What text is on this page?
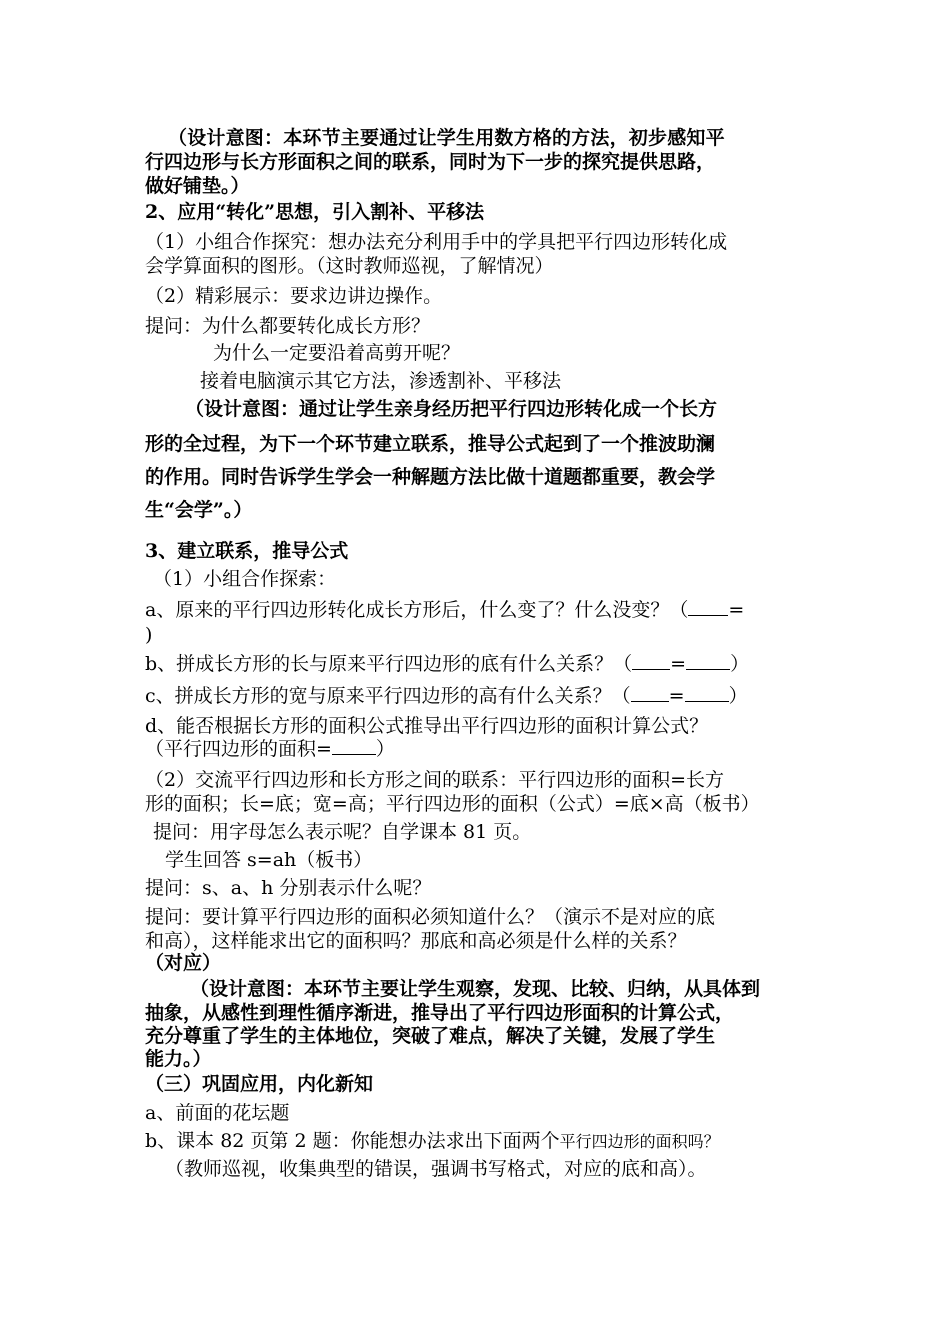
（设计意图：本环节主要通过让学生用数方格的方法，初步感知平
行四边形与长方形面积之间的联系，同时为下一步的探究提供思路，
做好铺垫。）
2、应用“转化”思想，引入割补、平移法
（1）小组合作探究：想办法充分利用手中的学具把平行四边形转化成
会学算面积的图形。（这时教师巡视，了解情况）
（2）精彩展示：要求边讲边操作。
提问：为什么都要转化成长方形？
为什么一定要沿着高剪开呢？
接着电脑演示其它方法，渗透割补、平移法
（设计意图：通过让学生亲身经历把平行四边形转化成一个长方
形的全过程，为下一个环节建立联系，推导公式起到了一个推波助澜
的作用。同时告诉学生学会一种解题方法比做十道题都重要，教会学
生“会学”。）
3、建立联系，推导公式
（1）小组合作探索：
a、原来的平行四边形转化成长方形后，什么变了？什么没变？（ =
)
b、拼成长方形的长与原来平行四边形的底有什么关系？（ = ）
c、拼成长方形的宽与原来平行四边形的高有什么关系？（ = ）
d、能否根据长方形的面积公式推导出平行四边形的面积计算公式？
（平行四边形的面积= ）
（2）交流平行四边形和长方形之间的联系：平行四边形的面积=长方
形的面积；长=底；宽=高；平行四边形的面积（公式）=底×高（板书）
提问：用字母怎么表示呢？自学课本 81 页。
学生回答 s=ah（板书）
提问：s、a、h 分别表示什么呢？
提问：要计算平行四边形的面积必须知道什么？（演示不是对应的底
和高），这样能求出它的面积吗？那底和高必须是什么样的关系？
（对应）
（设计意图：本环节主要让学生观察，发现、比较、归纳，从具体到
抽象，从感性到理性循序渐进，推导出了平行四边形面积的计算公式，
充分尊重了学生的主体地位，突破了难点，解决了关键，发展了学生
能力。）
（三）巩固应用，内化新知
a、前面的花坛题
b、课本 82 页第 2 题：你能想办法求出下面两个平行四边形的面积吗？
（教师巡视，收集典型的错误，强调书写格式，对应的底和高）。
